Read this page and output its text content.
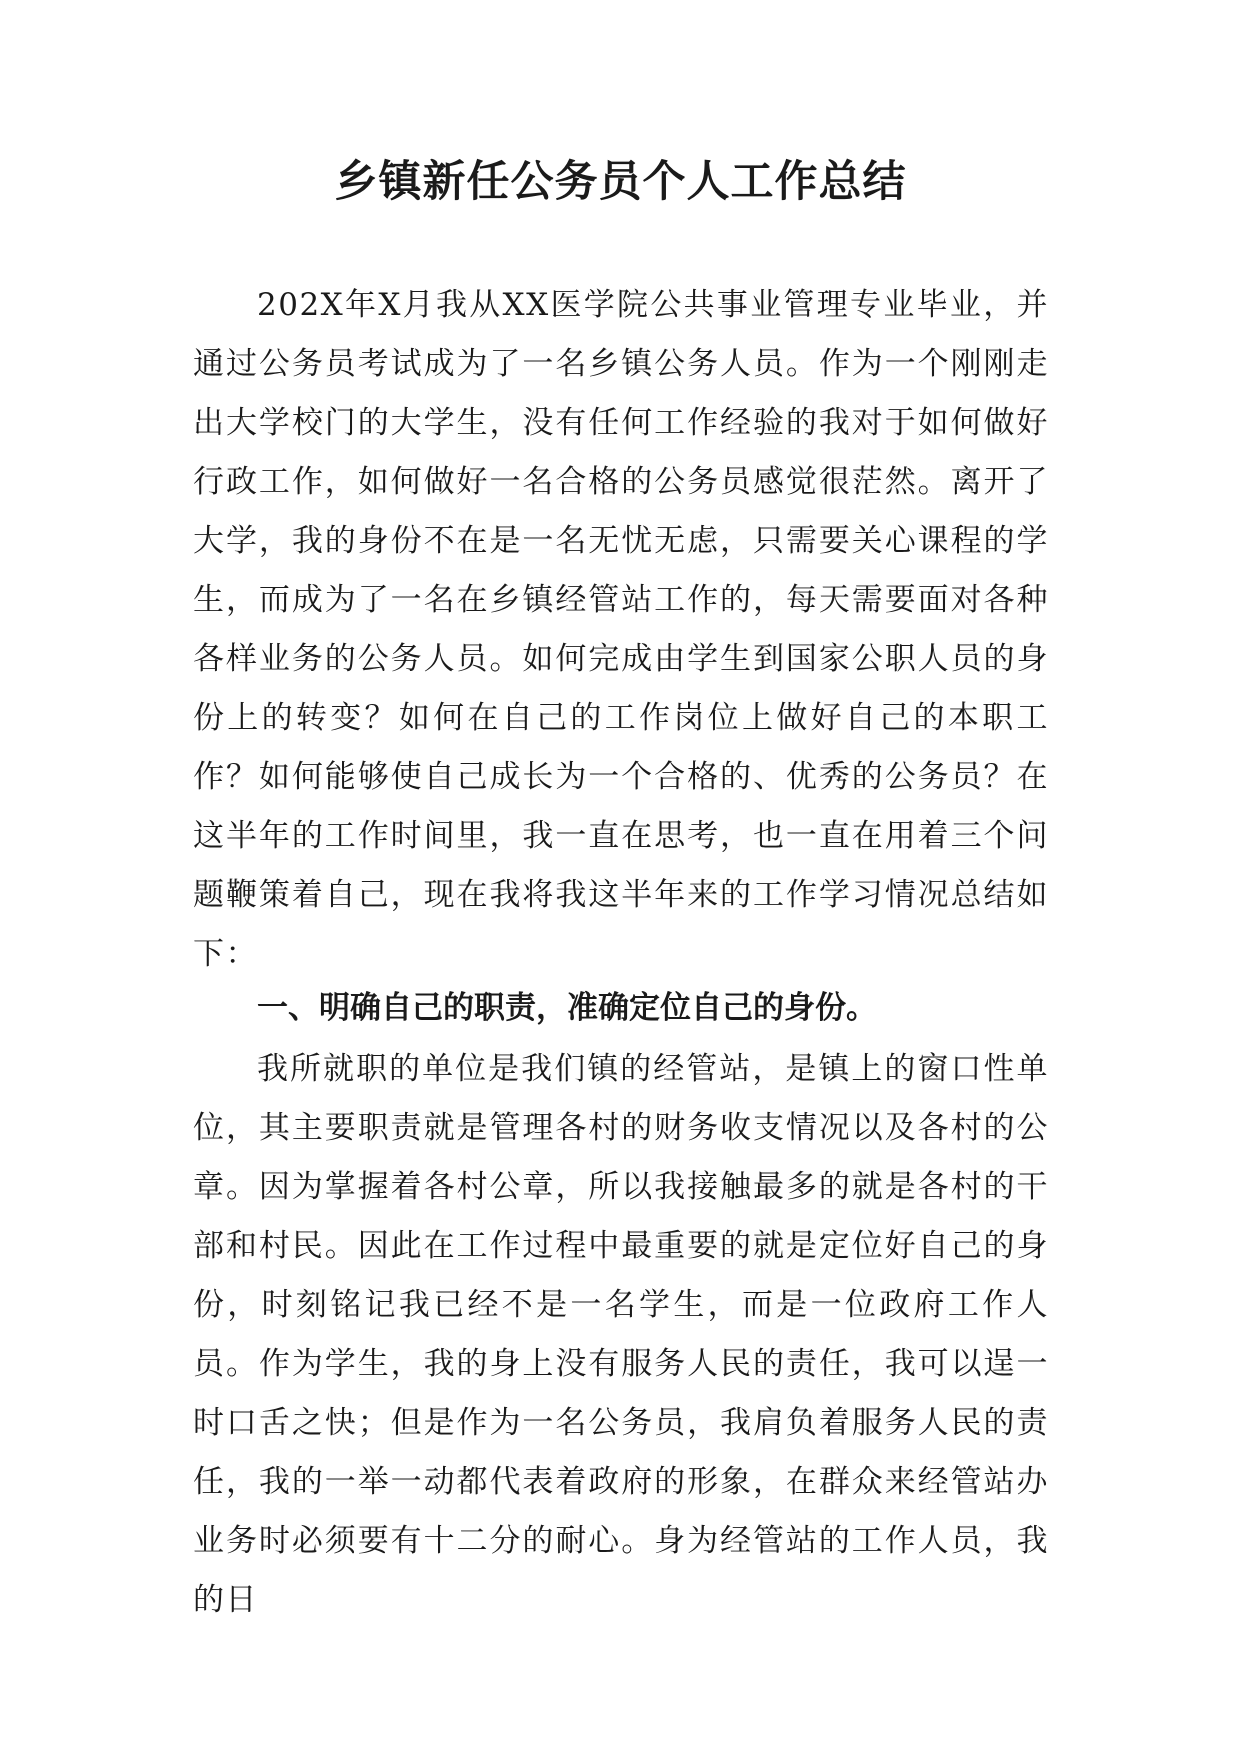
乡镇新任公务员个人工作总结

202X年X月我从XX医学院公共事业管理专业毕业，并通过公务员考试成为了一名乡镇公务人员。作为一个刚刚走出大学校门的大学生，没有任何工作经验的我对于如何做好行政工作，如何做好一名合格的公务员感觉很茫然。离开了大学，我的身份不在是一名无忧无虑，只需要关心课程的学生，而成为了一名在乡镇经管站工作的，每天需要面对各种各样业务的公务人员。如何完成由学生到国家公职人员的身份上的转变？如何在自己的工作岗位上做好自己的本职工作？如何能够使自己成长为一个合格的、优秀的公务员？在这半年的工作时间里，我一直在思考，也一直在用着三个问题鞭策着自己，现在我将我这半年来的工作学习情况总结如下：

一、明确自己的职责，准确定位自己的身份。

我所就职的单位是我们镇的经管站，是镇上的窗口性单位，其主要职责就是管理各村的财务收支情况以及各村的公章。因为掌握着各村公章，所以我接触最多的就是各村的干部和村民。因此在工作过程中最重要的就是定位好自己的身份，时刻铭记我已经不是一名学生，而是一位政府工作人员。作为学生，我的身上没有服务人民的责任，我可以逞一时口舌之快；但是作为一名公务员，我肩负着服务人民的责任，我的一举一动都代表着政府的形象，在群众来经管站办业务时必须要有十二分的耐心。身为经管站的工作人员，我的日
